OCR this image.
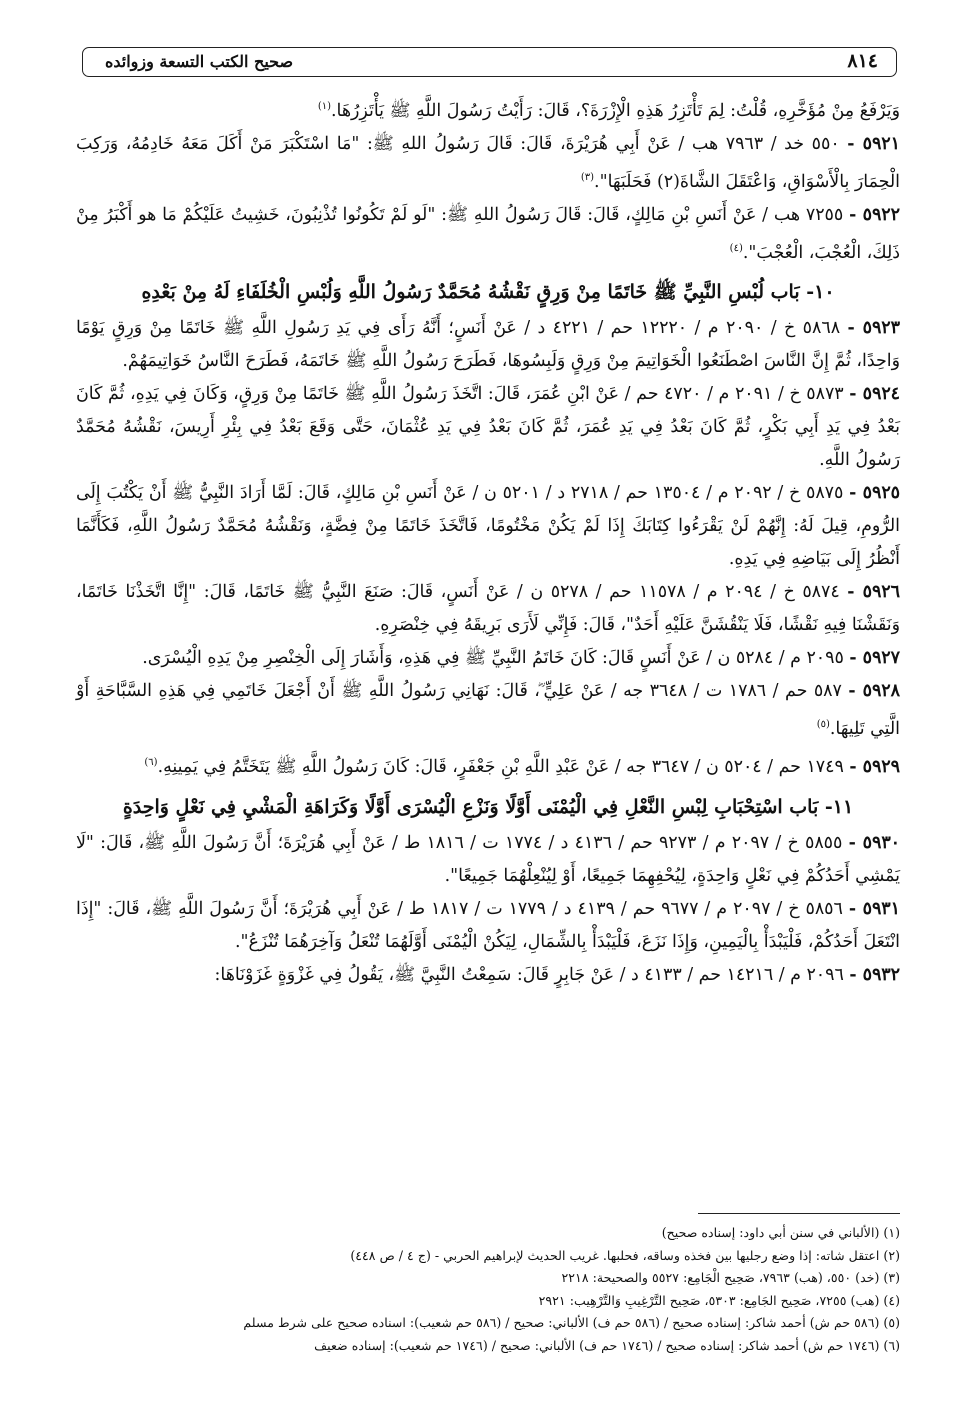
٨١٤
صحيح الكتب التسعة وزوائده

وَيَرْفَعُ مِنْ مُؤَخَّرِهِ، قُلْتُ: لِمَ تَأْتَزِرُ هَذِهِ الْإِزْرَةَ؟، قَالَ: رَأَيْتُ رَسُولَ اللَّهِ ﷺ يَأْتَزِرُهَا.$^{(١)}$

٥٩٢١ - ٥٥٠ خد / ٧٩٦٣ هب / عَنْ أَبِي هُرَيْرَةَ، قَالَ: قَالَ رَسُولُ اللهِ ﷺ: "مَا اسْتَكْبَرَ مَنْ أَكَلَ مَعَهُ خَادِمُهُ، وَرَكِبَ الْحِمَارَ بِالْأَسْوَاقِ، وَاعْتَقَلَ الشَّاةَ(٢) فَحَلَبَهَا".$^{(٣)}$

٥٩٢٢ - ٧٢٥٥ هب / عَنْ أَنَسِ بْنِ مَالِكٍ، قَالَ: قَالَ رَسُولُ اللهِ ﷺ: "لَو لَمْ تَكُونُوا تُذْنِبُونَ، خَشِيتُ عَلَيْكُمْ مَا هو أَكْبَرُ مِنْ ذَلِكَ، الْعُجْبَ، الْعُجْبَ".$^{(٤)}$

١٠- بَاب لُبْسِ النَّبِيِّ ﷺ خَاتَمًا مِنْ وَرِقٍ نَقْشُهُ مُحَمَّدٌ رَسُولُ اللَّهِ وَلُبْسِ الْخُلَفَاءِ لَهُ مِنْ بَعْدِهِ

٥٩٢٣ - ٥٨٦٨ خ / ٢٠٩٠ م / ١٢٢٢٠ حم / ٤٢٢١ د / عَنْ أَنَسٍ؛ أَنَّهُ رَأَى فِي يَدِ رَسُولِ اللَّهِ ﷺ خَاتَمًا مِنْ وَرِقٍ يَوْمًا وَاحِدًا، ثُمَّ إِنَّ النَّاسَ اصْطَنَعُوا الْخَوَاتِيمَ مِنْ وَرِقٍ وَلَبِسُوهَا، فَطَرَحَ رَسُولُ اللَّهِ ﷺ خَاتَمَهُ، فَطَرَحَ النَّاسُ خَوَاتِيمَهُمْ.

٥٩٢٤ - ٥٨٧٣ خ / ٢٠٩١ م / ٤٧٢٠ حم / عَنْ ابْنِ عُمَرَ، قَالَ: اتَّخَذَ رَسُولُ اللَّهِ ﷺ خَاتَمًا مِنْ وَرِقٍ، وَكَانَ فِي يَدِهِ، ثُمَّ كَانَ بَعْدُ فِي يَدِ أَبِي بَكْرٍ، ثُمَّ كَانَ بَعْدُ فِي يَدِ عُمَرَ، ثُمَّ كَانَ بَعْدُ فِي يَدِ عُثْمَانَ، حَتَّى وَقَعَ بَعْدُ فِي بِئْرِ أَرِيسَ، نَقْشُهُ مُحَمَّدٌ رَسُولُ اللَّهِ.

٥٩٢٥ - ٥٨٧٥ خ / ٢٠٩٢ م / ١٣٥٠٤ حم / ٢٧١٨ د / ٥٢٠١ ن / عَنْ أَنَسِ بْنِ مَالِكٍ، قَالَ: لَمَّا أَرَادَ النَّبِيُّ ﷺ أَنْ يَكْتُبَ إِلَى الرُّومِ، قِيلَ لَهُ: إِنَّهُمْ لَنْ يَقْرَءُوا كِتَابَكَ إِذَا لَمْ يَكُنْ مَخْتُومًا، فَاتَّخَذَ خَاتَمًا مِنْ فِضَّةٍ، وَنَقْشُهُ مُحَمَّدٌ رَسُولُ اللَّهِ، فَكَأَنَّمَا أَنْظُرُ إِلَى بَيَاضِهِ فِي يَدِهِ.

٥٩٢٦ - ٥٨٧٤ خ / ٢٠٩٤ م / ١١٥٧٨ حم / ٥٢٧٨ ن / عَنْ أَنَسٍ، قَالَ: صَنَعَ النَّبِيُّ ﷺ خَاتَمًا، قَالَ: "إِنَّا اتَّخَذْنَا خَاتَمًا، وَنَقَشْنَا فِيهِ نَقْشًا، فَلَا يَنْقُشَنَّ عَلَيْهِ أَحَدٌ"، قَالَ: فَإِنِّي لَأَرَى بَرِيقَهُ فِي خِنْصَرِهِ.

٥٩٢٧ - ٢٠٩٥ م / ٥٢٨٤ ن / عَنْ أَنَسٍ قَالَ: كَانَ خَاتَمُ النَّبِيِّ ﷺ فِي هَذِهِ، وَأَشَارَ إِلَى الْخِنْصِرِ مِنْ يَدِهِ الْيُسْرَى.

٥٩٢٨ - ٥٨٧ حم / ١٧٨٦ ت / ٣٦٤٨ جه / عَنْ عَلِيٍّ ؓ، قَالَ: نَهَانِي رَسُولُ اللَّهِ ﷺ أَنْ أَجْعَلَ خَاتَمِي فِي هَذِهِ السَّبَّاحَةِ أَوْ الَّتِي تَلِيهَا.$^{(٥)}$

٥٩٢٩ - ١٧٤٩ حم / ٥٢٠٤ ن / ٣٦٤٧ جه / عَنْ عَبْدِ اللَّهِ بْنِ جَعْفَرٍ، قَالَ: كَانَ رَسُولُ اللَّهِ ﷺ يَتَخَتَّمُ فِي يَمِينِهِ.$^{(٦)}$

١١- بَاب اسْتِحْبَابِ لِبْسِ النَّعْلِ فِي الْيُمْنَى أَوَّلًا وَنَزْعِ الْيُسْرَى أَوَّلًا وَكَرَاهَةِ الْمَشْيِ فِي نَعْلٍ وَاحِدَةٍ

٥٩٣٠ - ٥٨٥٥ خ / ٢٠٩٧ م / ٩٢٧٣ حم / ٤١٣٦ د / ١٧٧٤ ت / ١٨١٦ ط / عَنْ أَبِي هُرَيْرَةَ؛ أَنَّ رَسُولَ اللَّهِ ﷺ، قَالَ: "لَا يَمْشِي أَحَدُكُمْ فِي نَعْلٍ وَاحِدَةٍ، لِيُحْفِهِمَا جَمِيعًا، أَوْ لِيُنْعِلْهُمَا جَمِيعًا".

٥٩٣١ - ٥٨٥٦ خ / ٢٠٩٧ م / ٩٦٧٧ حم / ٤١٣٩ د / ١٧٧٩ ت / ١٨١٧ ط / عَنْ أَبِي هُرَيْرَةَ؛ أَنَّ رَسُولَ اللَّهِ ﷺ، قَالَ: "إِذَا انْتَعَلَ أَحَدُكُمْ، فَلْيَبْدَأْ بِالْيَمِينِ، وَإِذَا نَزَعَ، فَلْيَبْدَأْ بِالشِّمَالِ، لِيَكُنْ الْيُمْنَى أَوَّلَهُمَا تُنْعَلُ وَآخِرَهُمَا تُنْزَعُ".

٥٩٣٢ - ٢٠٩٦ م / ١٤٢١٦ حم / ٤١٣٣ د / عَنْ جَابِرٍ قَالَ: سَمِعْتُ النَّبِيَّ ﷺ، يَقُولُ فِي غَزْوَةٍ غَزَوْنَاهَا:

(١) (الألباني في سنن أبي داود: إسناده صحيح)
(٢) اعتقل شاته: إذا وضع رجليها بين فخذه وساقه، فحلبها. غريب الحديث لإبراهيم الحربي - (ج ٤ / ص ٤٤٨)
(٣) (خد) ٥٥٠، (هب) ٧٩٦٣، صَحِيح الْجَامِع: ٥٥٢٧ والصحيحة: ٢٢١٨
(٤) (هب) ٧٢٥٥، صَحِيح الجَامِع: ٥٣٠٣، صَحِيح التَّرْغِيبِ وَالتَّرْهِيب: ٢٩٢١
(٥) (٥٨٦ حم ش) أحمد شاكر: إسناده صحيح / (٥٨٦ حم ف) الألباني: صحيح / (٥٨٦ حم شعيب): اسناده صحيح على شرط مسلم
(٦) (١٧٤٦ حم ش) أحمد شاكر: إسناده صحيح / (١٧٤٦ حم ف) الألباني: صحيح / (١٧٤٦ حم شعيب): إسناده ضعيف
